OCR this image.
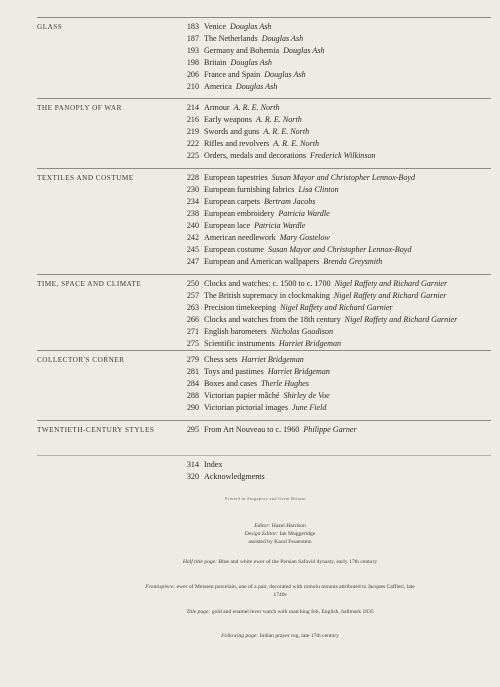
GLASS	183 Venice Douglas Ash
187 The Netherlands Douglas Ash
193 Germany and Bohemia Douglas Ash
198 Britain Douglas Ash
206 France and Spain Douglas Ash
210 America Douglas Ash
THE PANOPLY OF WAR	214 Armour A. R. E. North
216 Early weapons A. R. E. North
219 Swords and guns A. R. E. North
222 Rifles and revolvers A. R. E. North
225 Orders, medals and decorations Frederick Wilkinson
TEXTILES AND COSTUME	228 European tapestries Susan Mayor and Christopher Lennox-Boyd
230 European furnishing fabrics Lisa Clinton
234 European carpets Bertram Jacobs
238 European embroidery Patricia Wardle
240 European lace Patricia Wardle
242 American needlework Mary Gostelow
245 European costume Susan Mayor and Christopher Lennox-Boyd
247 European and American wallpapers Brenda Greysmith
TIME, SPACE AND CLIMATE	250 Clocks and watches: c. 1500 to c. 1700 Nigel Raffety and Richard Garnier
257 The British supremacy in clockmaking Nigel Raffety and Richard Garnier
263 Precision timekeeping Nigel Raffety and Richard Garnier
266 Clocks and watches from the 18th century Nigel Raffety and Richard Garnier
271 English barometers Nicholas Goodison
275 Scientific instruments Harriet Bridgeman
COLLECTOR'S CORNER	279 Chess sets Harriet Bridgeman
281 Toys and pastimes Harriet Bridgeman
284 Boxes and cases Therle Hughes
288 Victorian papier mâché Shirley de Voe
290 Victorian pictorial images June Field
TWENTIETH-CENTURY STYLES	295 From Art Nouveau to c. 1960 Philippe Garner
314 Index
320 Acknowledgments
Printed in Singapore and Great Britain
Editor: Hazel Harrison
Design Editor: Ian Muggeridge
assisted by Karol Feuerstein
Half title page: Blue and white ewer of the Persian Safavid dynasty, early 17th century
Frontispiece: ewer of Meissen porcelain, one of a pair, decorated with ormolu mounts attributed to Jacques Caffieri, late 1740s
Title page: gold and enamel lever watch with matching fob, English, hallmark 1835
Following page: Indian prayer rug, late 17th century
